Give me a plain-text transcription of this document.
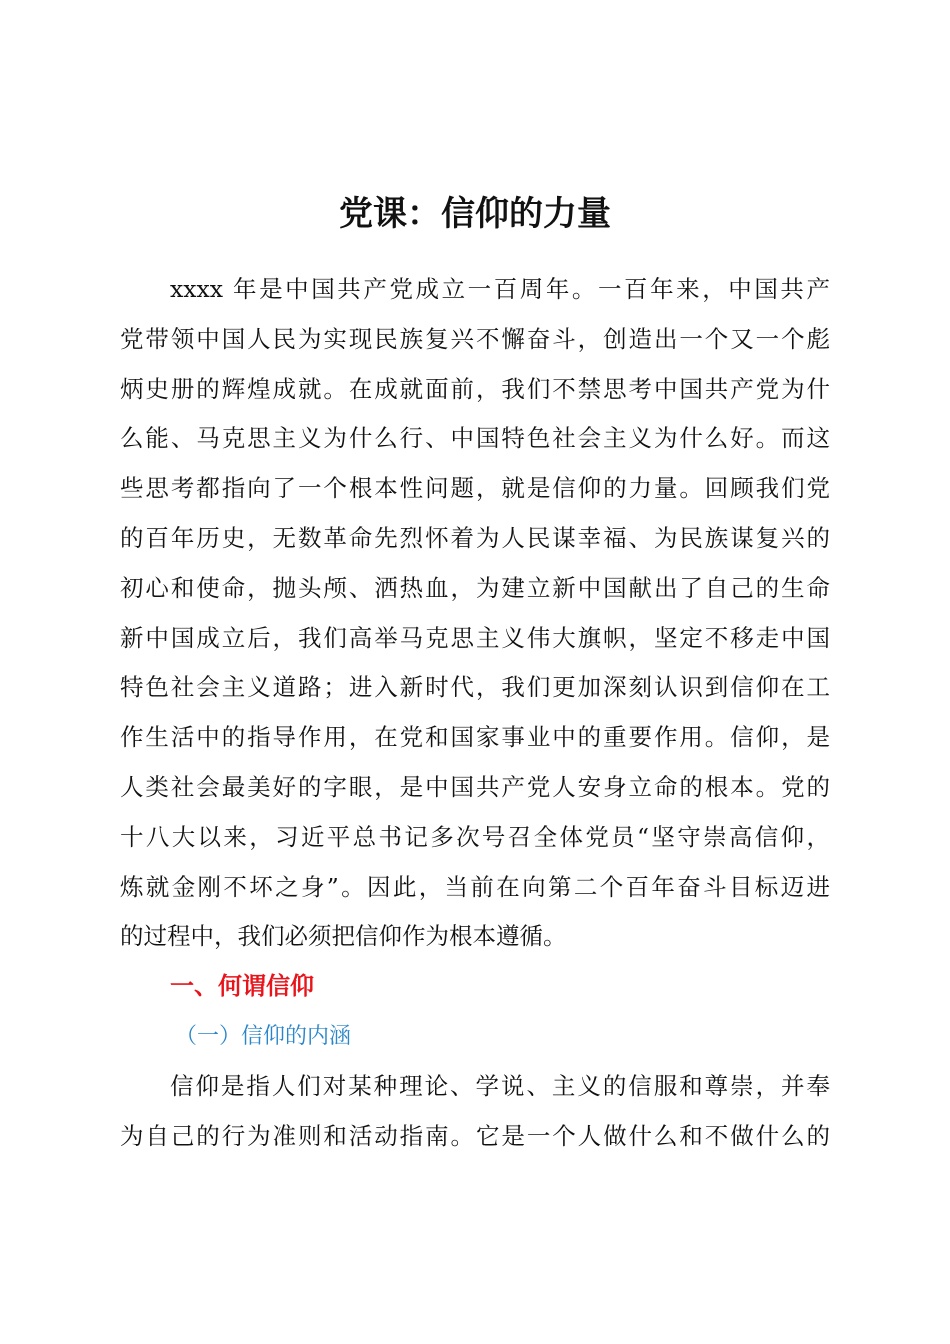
党课：信仰的力量
xxxx 年是中国共产党成立一百周年。一百年来，中国共产
党带领中国人民为实现民族复兴不懈奋斗，创造出一个又一个彪
炳史册的辉煌成就。在成就面前，我们不禁思考中国共产党为什
么能、马克思主义为什么行、中国特色社会主义为什么好。而这
些思考都指向了一个根本性问题，就是信仰的力量。回顾我们党
的百年历史，无数革命先烈怀着为人民谋幸福、为民族谋复兴的
初心和使命，抛头颅、洒热血，为建立新中国献出了自己的生命
新中国成立后，我们高举马克思主义伟大旗帜，坚定不移走中国
特色社会主义道路；进入新时代，我们更加深刻认识到信仰在工
作生活中的指导作用，在党和国家事业中的重要作用。信仰，是
人类社会最美好的字眼，是中国共产党人安身立命的根本。党的
十八大以来，习近平总书记多次号召全体党员“坚守崇高信仰，
炼就金刚不坏之身”。因此，当前在向第二个百年奋斗目标迈进
的过程中，我们必须把信仰作为根本遵循。
一、何谓信仰
（一）信仰的内涵
信仰是指人们对某种理论、学说、主义的信服和尊崇，并奉
为自己的行为准则和活动指南。它是一个人做什么和不做什么的
